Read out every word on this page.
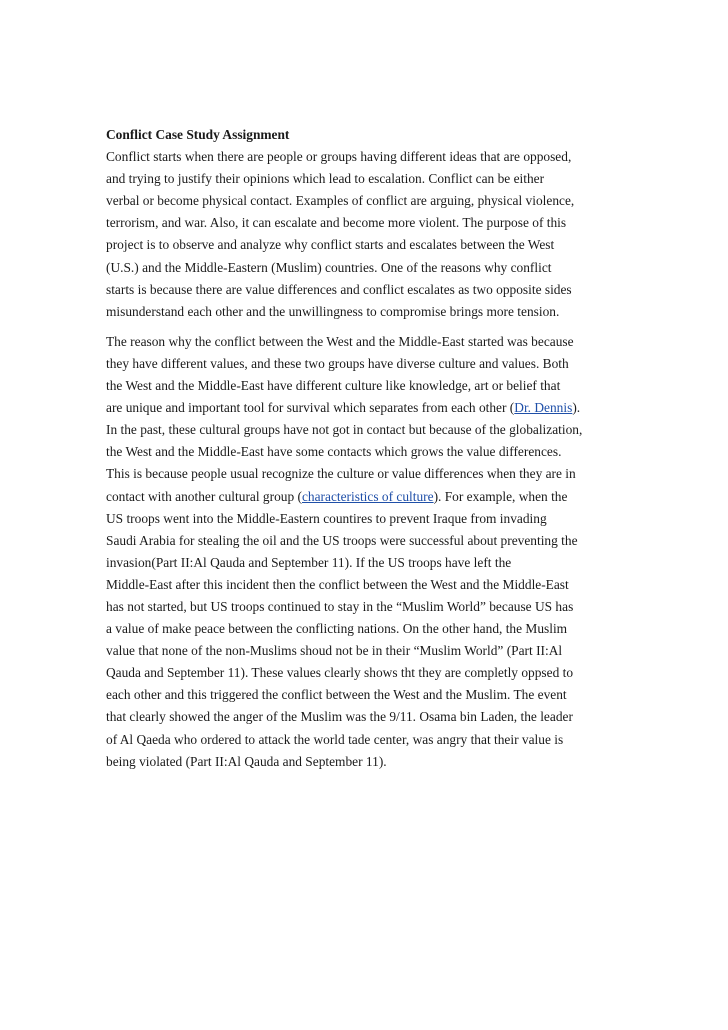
Conflict Case Study Assignment
Conflict starts when there are people or groups having different ideas that are opposed,
and trying to justify their opinions which lead to escalation. Conflict can be either
verbal or become physical contact. Examples of conflict are arguing, physical violence,
terrorism, and war. Also, it can escalate and become more violent. The purpose of this
project is to observe and analyze why conflict starts and escalates between the West
(U.S.) and the Middle-Eastern (Muslim) countries. One of the reasons why conflict
starts is because there are value differences and conflict escalates as two opposite sides
misunderstand each other and the unwillingness to compromise brings more tension.
The reason why the conflict between the West and the Middle-East started was because
they have different values, and these two groups have diverse culture and values. Both
the West and the Middle-East have different culture like knowledge, art or belief that
are unique and important tool for survival which separates from each other (Dr. Dennis).
In the past, these cultural groups have not got in contact but because of the globalization,
the West and the Middle-East have some contacts which grows the value differences.
This is because people usual recognize the culture or value differences when they are in
contact with another cultural group (characteristics of culture). For example, when the
US troops went into the Middle-Eastern countires to prevent Iraque from invading
Saudi Arabia for stealing the oil and the US troops were successful about preventing the
invasion(Part II:Al Qauda and September 11). If the US troops have left the
Middle-East after this incident then the conflict between the West and the Middle-East
has not started, but US troops continued to stay in the “Muslim World” because US has
a value of make peace between the conflicting nations. On the other hand, the Muslim
value that none of the non-Muslims shoud not be in their “Muslim World” (Part II:Al
Qauda and September 11). These values clearly shows tht they are completly oppsed to
each other and this triggered the conflict between the West and the Muslim. The event
that clearly showed the anger of the Muslim was the 9/11. Osama bin Laden, the leader
of Al Qaeda who ordered to attack the world tade center, was angry that their value is
being violated (Part II:Al Qauda and September 11).
